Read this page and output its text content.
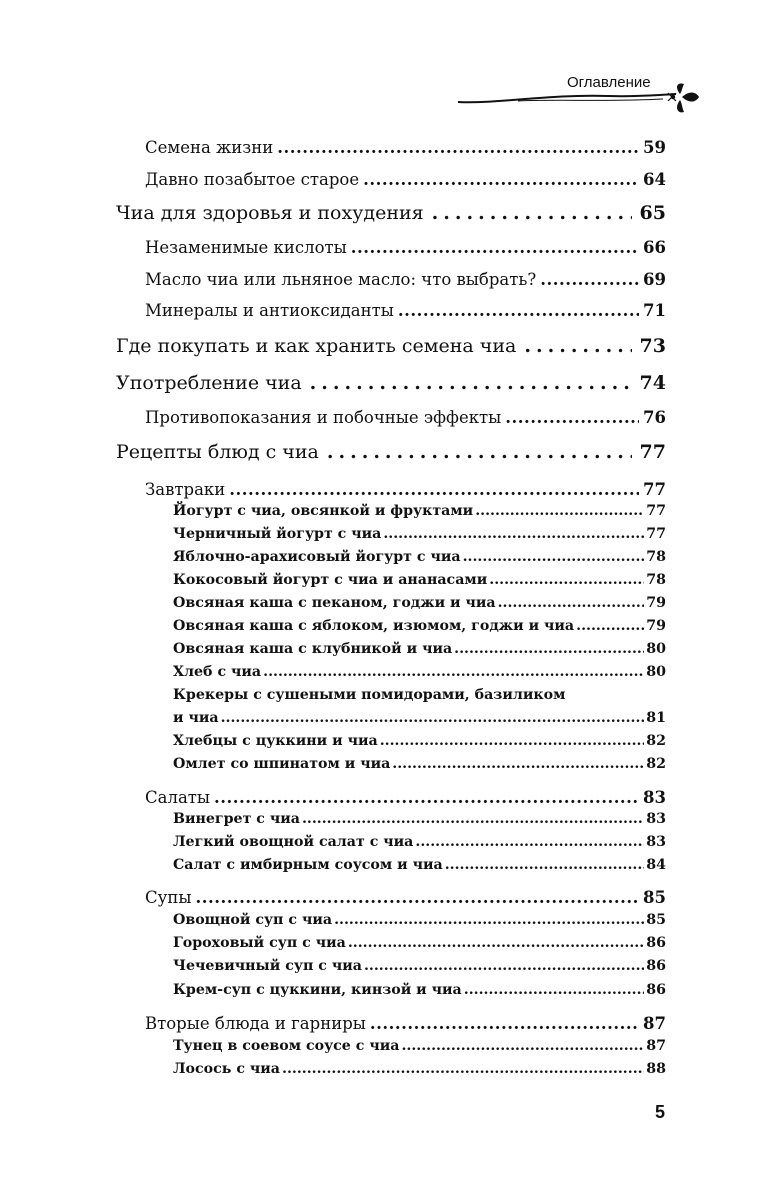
Оглавление
Семена жизни .....	59
Давно позабытое старое .....	64
Чиа для здоровья и похудения .....	65
Незаменимые кислоты .....	66
Масло чиа или льняное масло: что выбрать? .....	69
Минералы и антиоксиданты .....	71
Где покупать и как хранить семена чиа .....	73
Употребление чиа .....	74
Противопоказания и побочные эффекты .....	76
Рецепты блюд с чиа .....	77
Завтраки .....	77
Йогурт с чиа, овсянкой и фруктами .....	77
Черничный йогурт с чиа .....	77
Яблочно-арахисовый йогурт с чиа .....	78
Кокосовый йогурт с чиа и ананасами .....	78
Овсяная каша с пеканом, годжи и чиа .....	79
Овсяная каша с яблоком, изюмом, годжи и чиа .....	79
Овсяная каша с клубникой и чиа .....	80
Хлеб с чиа .....	80
Крекеры с сушеными помидорами, базиликом
и чиа .....	81
Хлебцы с цуккини и чиа .....	82
Омлет со шпинатом и чиа .....	82
Салаты .....	83
Винегрет с чиа .....	83
Легкий овощной салат с чиа .....	83
Салат с имбирным соусом и чиа .....	84
Супы .....	85
Овощной суп с чиа .....	85
Гороховый суп с чиа .....	86
Чечевичный суп с чиа .....	86
Крем-суп с цуккини, кинзой и чиа .....	86
Вторые блюда и гарниры .....	87
Тунец в соевом соусе с чиа .....	87
Лосось с чиа .....	88
5
